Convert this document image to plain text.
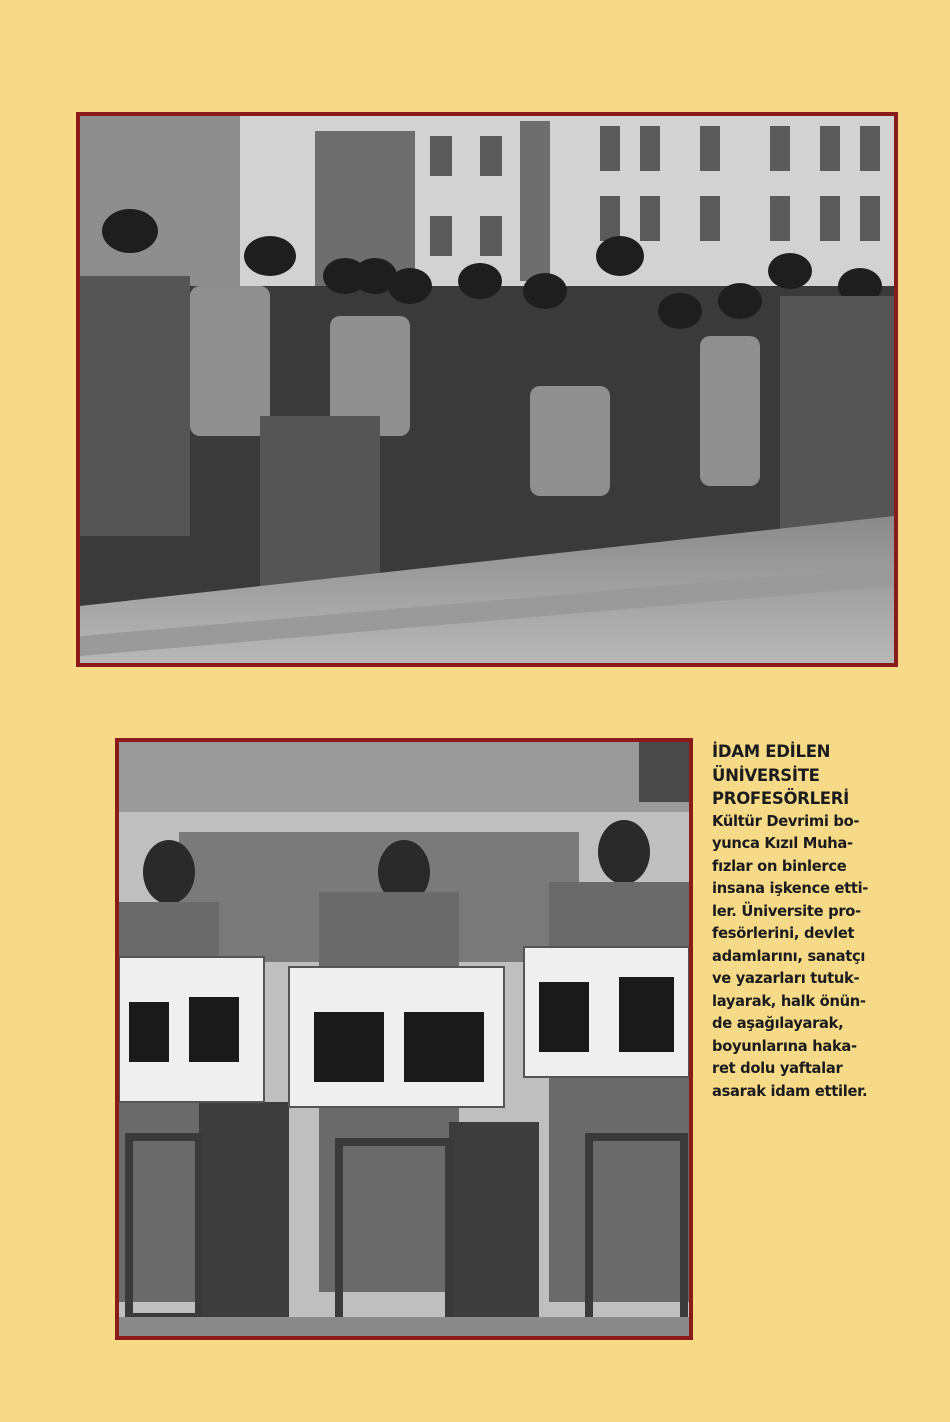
İDAM EDİLEN
ÜNİVERSİTE
PROFESÖRLERİ
Kültür Devrimi bo-
yunca Kızıl Muha-
fızlar on binlerce
insana işkence etti-
ler. Üniversite pro-
fesörlerini, devlet
adamlarını, sanatçı
ve yazarları tutuk-
layarak, halk önün-
de aşağılayarak,
boyunlarına haka-
ret dolu yaftalar
asarak idam ettiler.
